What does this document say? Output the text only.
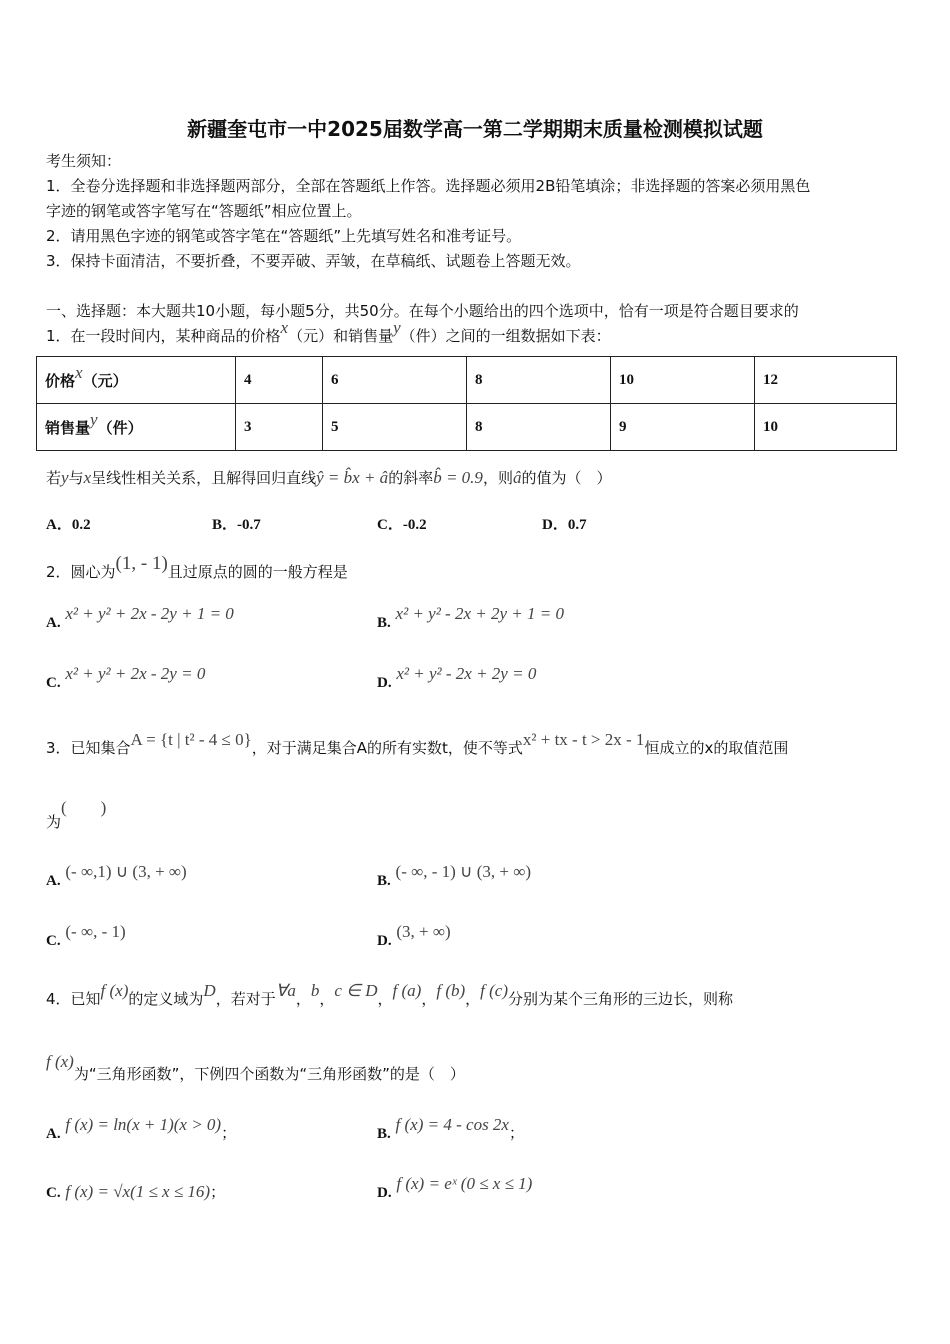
新疆奎屯市一中2025届数学高一第二学期期末质量检测模拟试题
考生须知：
1．全卷分选择题和非选择题两部分，全部在答题纸上作答。选择题必须用2B铅笔填涂；非选择题的答案必须用黑色
字迹的钢笔或答字笔写在“答题纸”相应位置上。
2．请用黑色字迹的钢笔或答字笔在“答题纸”上先填写姓名和准考证号。
3．保持卡面清洁，不要折叠，不要弄破、弄皱，在草稿纸、试题卷上答题无效。
一、选择题：本大题共10小题，每小题5分，共50分。在每个小题给出的四个选项中，恰有一项是符合题目要求的
1．在一段时间内，某种商品的价格x（元）和销售量y（件）之间的一组数据如下表：
价格x（元）	4	6	8	10	12
销售量y（件）	3	5	8	9	10
若y与x呈线性相关关系，且解得回归直线ŷ = b̂x + â的斜率b̂ = 0.9，则â的值为（　）
A．0.2	B．-0.7	C．-0.2	D．0.7
2．圆心为(1, - 1)且过原点的圆的一般方程是
A. x² + y² + 2x - 2y + 1 = 0	B. x² + y² - 2x + 2y + 1 = 0
C. x² + y² + 2x - 2y = 0	D. x² + y² - 2x + 2y = 0
3．已知集合A = {t | t² - 4 ≤ 0}，对于满足集合A的所有实数t，使不等式x² + tx - t > 2x - 1恒成立的x的取值范围
为(　　)
A. (- ∞,1) ∪ (3, + ∞)	B. (- ∞, - 1) ∪ (3, + ∞)
C. (- ∞, - 1)	D. (3, + ∞)
4．已知f (x)的定义域为D，若对于∀a，b，c ∈ D，f (a)，f (b)，f (c)分别为某个三角形的三边长，则称
f (x)为“三角形函数”，下例四个函数为“三角形函数”的是（　）
A. f (x) = ln(x + 1)(x > 0)；	B. f (x) = 4 - cos 2x；
C. f (x) = √x(1 ≤ x ≤ 16)；	D. f (x) = eˣ (0 ≤ x ≤ 1)
